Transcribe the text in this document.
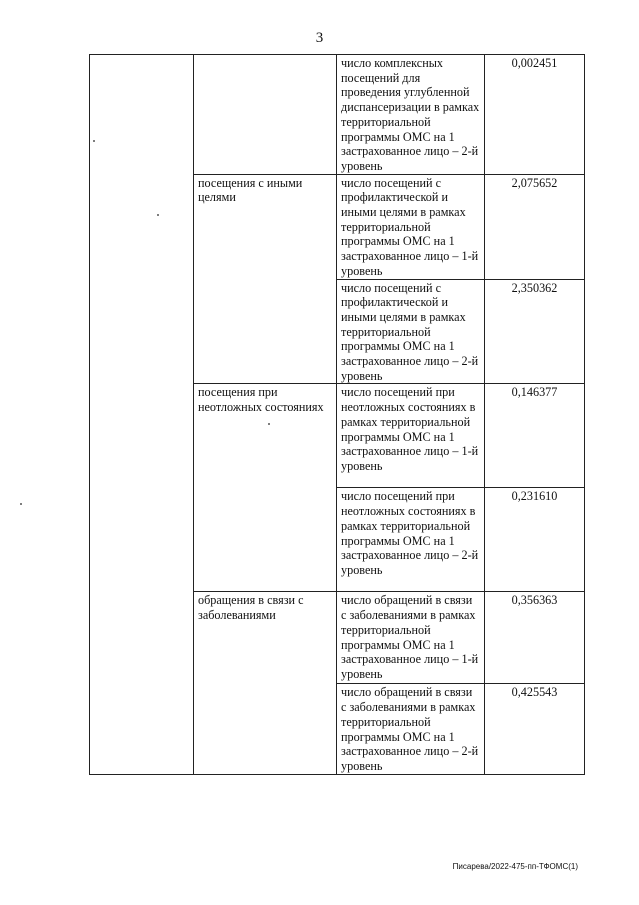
3
		число комплексных посещений для проведения углубленной диспансеризации в рамках территориальной программы ОМС на 1 застрахованное лицо – 2-й уровень	0,002451
	посещения с иными целями	число посещений с профилактической и иными целями в рамках территориальной программы ОМС на 1 застрахованное лицо – 1-й уровень	2,075652
		число посещений с профилактической и иными целями в рамках территориальной программы ОМС на 1 застрахованное лицо – 2-й уровень	2,350362
	посещения при неотложных состояниях	число посещений при неотложных состояниях в рамках территориальной программы ОМС на 1 застрахованное лицо – 1-й уровень	0,146377
		число посещений при неотложных состояниях в рамках территориальной программы ОМС на 1 застрахованное лицо – 2-й уровень	0,231610
	обращения в связи с заболеваниями	число обращений в связи с заболеваниями в рамках территориальной программы ОМС на 1 застрахованное лицо – 1-й уровень	0,356363
		число обращений в связи с заболеваниями в рамках территориальной программы ОМС на 1 застрахованное лицо – 2-й уровень	0,425543
Писарева/2022-475-пп-ТФОМС(1)
